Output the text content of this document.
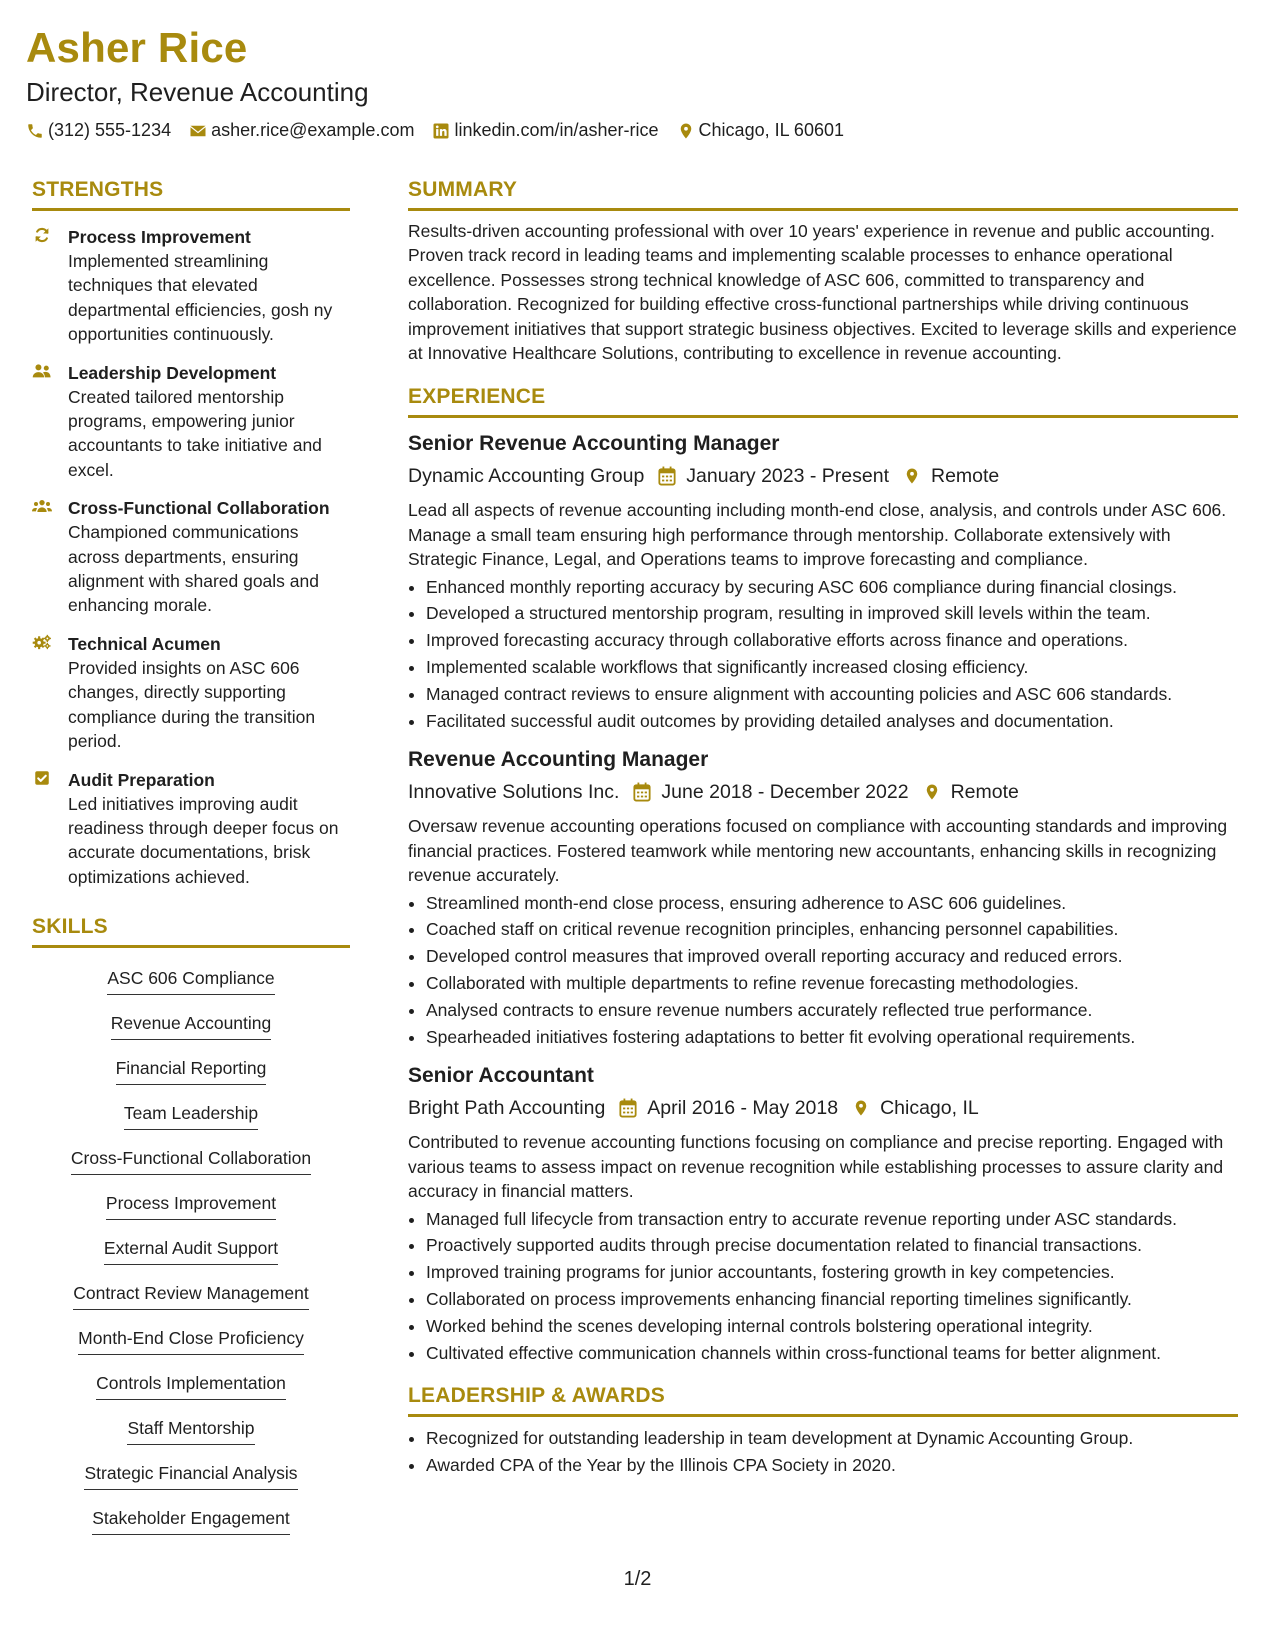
Asher Rice
Director, Revenue Accounting
(312) 555-1234 asher.rice@example.com linkedin.com/in/asher-rice Chicago, IL 60601
STRENGTHS
Process Improvement
Implemented streamlining techniques that elevated departmental efficiencies, gosh ny opportunities continuously.
Leadership Development
Created tailored mentorship programs, empowering junior accountants to take initiative and excel.
Cross-Functional Collaboration
Championed communications across departments, ensuring alignment with shared goals and enhancing morale.
Technical Acumen
Provided insights on ASC 606 changes, directly supporting compliance during the transition period.
Audit Preparation
Led initiatives improving audit readiness through deeper focus on accurate documentations, brisk optimizations achieved.
SKILLS
ASC 606 Compliance
Revenue Accounting
Financial Reporting
Team Leadership
Cross-Functional Collaboration
Process Improvement
External Audit Support
Contract Review Management
Month-End Close Proficiency
Controls Implementation
Staff Mentorship
Strategic Financial Analysis
Stakeholder Engagement
SUMMARY
Results-driven accounting professional with over 10 years' experience in revenue and public accounting. Proven track record in leading teams and implementing scalable processes to enhance operational excellence. Possesses strong technical knowledge of ASC 606, committed to transparency and collaboration. Recognized for building effective cross-functional partnerships while driving continuous improvement initiatives that support strategic business objectives. Excited to leverage skills and experience at Innovative Healthcare Solutions, contributing to excellence in revenue accounting.
EXPERIENCE
Senior Revenue Accounting Manager
Dynamic Accounting Group January 2023 - Present Remote
Lead all aspects of revenue accounting including month-end close, analysis, and controls under ASC 606. Manage a small team ensuring high performance through mentorship. Collaborate extensively with Strategic Finance, Legal, and Operations teams to improve forecasting and compliance.
• Enhanced monthly reporting accuracy by securing ASC 606 compliance during financial closings.
• Developed a structured mentorship program, resulting in improved skill levels within the team.
• Improved forecasting accuracy through collaborative efforts across finance and operations.
• Implemented scalable workflows that significantly increased closing efficiency.
• Managed contract reviews to ensure alignment with accounting policies and ASC 606 standards.
• Facilitated successful audit outcomes by providing detailed analyses and documentation.
Revenue Accounting Manager
Innovative Solutions Inc. June 2018 - December 2022 Remote
Oversaw revenue accounting operations focused on compliance with accounting standards and improving financial practices. Fostered teamwork while mentoring new accountants, enhancing skills in recognizing revenue accurately.
• Streamlined month-end close process, ensuring adherence to ASC 606 guidelines.
• Coached staff on critical revenue recognition principles, enhancing personnel capabilities.
• Developed control measures that improved overall reporting accuracy and reduced errors.
• Collaborated with multiple departments to refine revenue forecasting methodologies.
• Analysed contracts to ensure revenue numbers accurately reflected true performance.
• Spearheaded initiatives fostering adaptations to better fit evolving operational requirements.
Senior Accountant
Bright Path Accounting April 2016 - May 2018 Chicago, IL
Contributed to revenue accounting functions focusing on compliance and precise reporting. Engaged with various teams to assess impact on revenue recognition while establishing processes to assure clarity and accuracy in financial matters.
• Managed full lifecycle from transaction entry to accurate revenue reporting under ASC standards.
• Proactively supported audits through precise documentation related to financial transactions.
• Improved training programs for junior accountants, fostering growth in key competencies.
• Collaborated on process improvements enhancing financial reporting timelines significantly.
• Worked behind the scenes developing internal controls bolstering operational integrity.
• Cultivated effective communication channels within cross-functional teams for better alignment.
LEADERSHIP & AWARDS
• Recognized for outstanding leadership in team development at Dynamic Accounting Group.
• Awarded CPA of the Year by the Illinois CPA Society in 2020.
1/2
